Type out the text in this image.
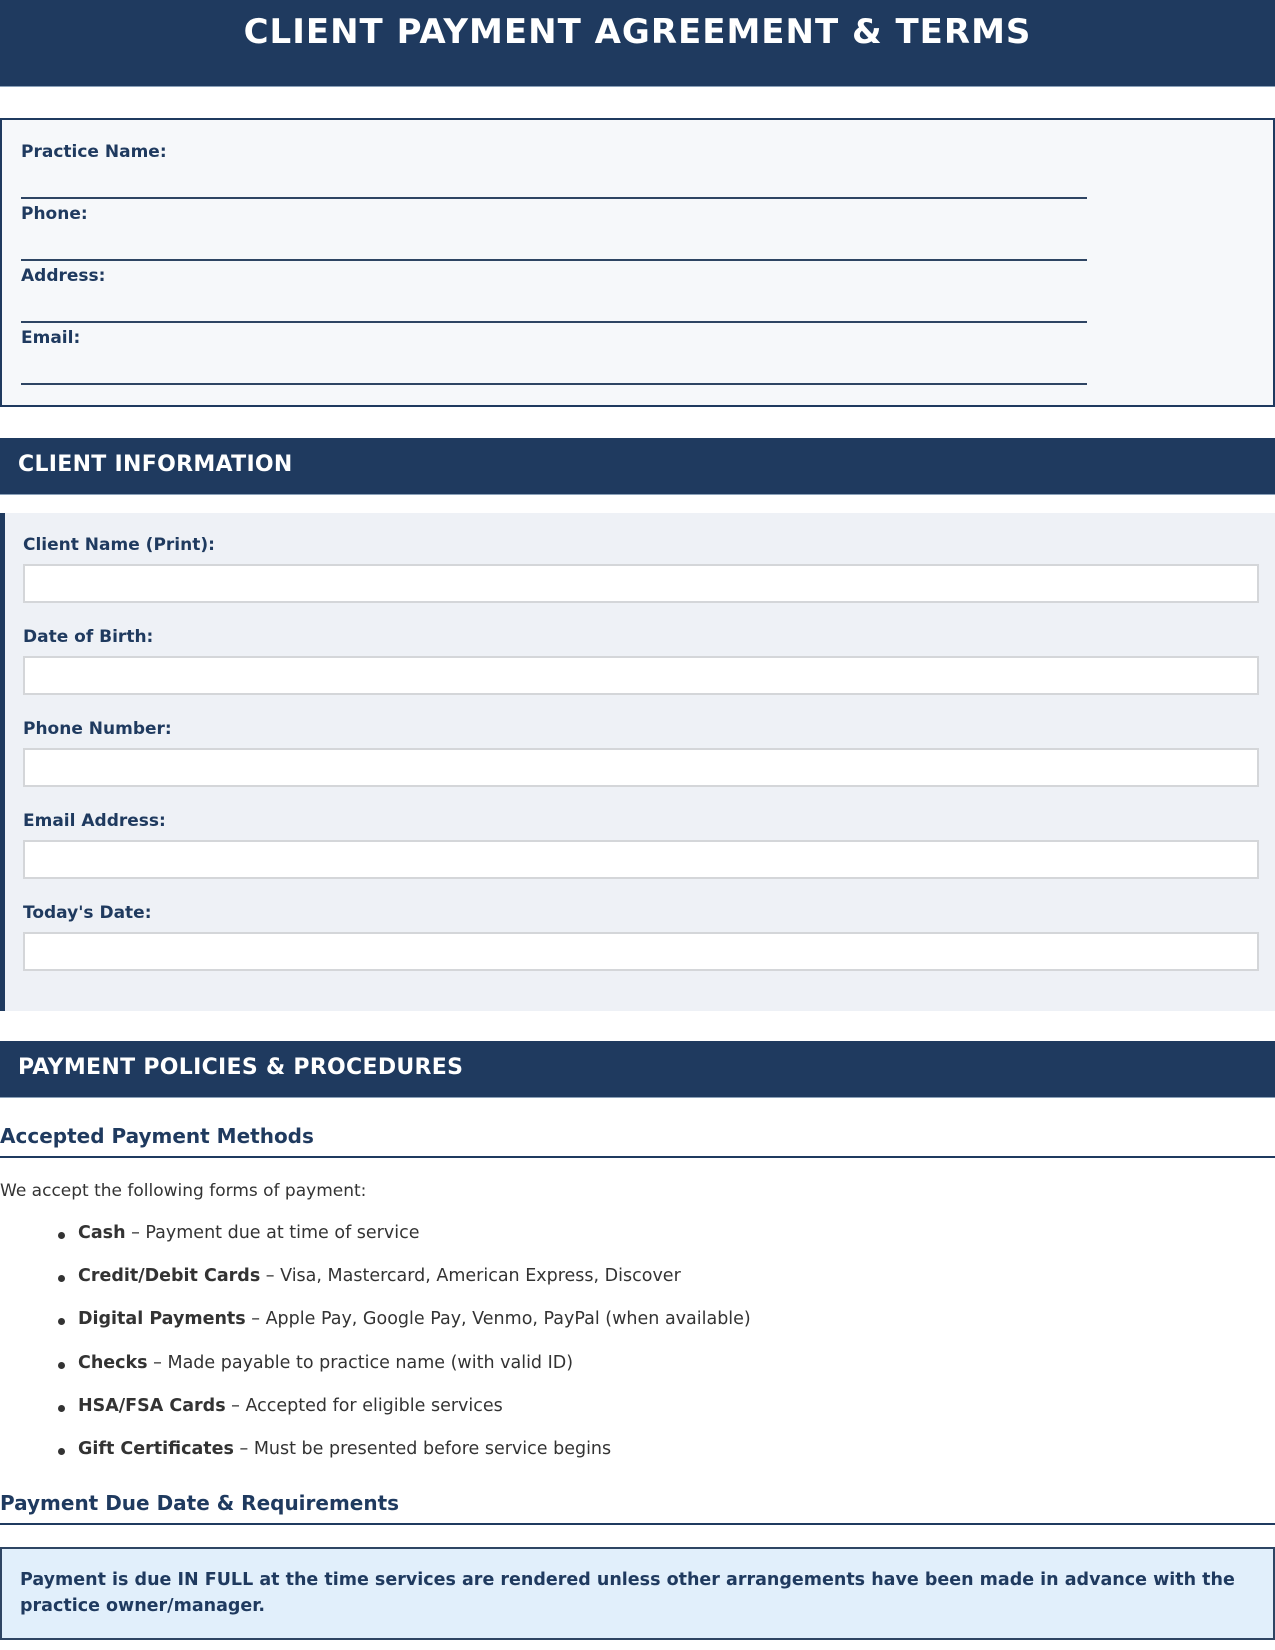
CLIENT PAYMENT AGREEMENT & TERMS
Practice Name:
Phone:
Address:
Email:
CLIENT INFORMATION
Client Name (Print):
Date of Birth:
Phone Number:
Email Address:
Today's Date:
PAYMENT POLICIES & PROCEDURES
Accepted Payment Methods

We accept the following forms of payment:

Cash – Payment due at time of service
Credit/Debit Cards – Visa, Mastercard, American Express, Discover
Digital Payments – Apple Pay, Google Pay, Venmo, PayPal (when available)
Checks – Made payable to practice name (with valid ID)
HSA/FSA Cards – Accepted for eligible services
Gift Certificates – Must be presented before service begins
Payment Due Date & Requirements
Payment is due IN FULL at the time services are rendered unless other arrangements have been made in advance with the practice owner/manager.
